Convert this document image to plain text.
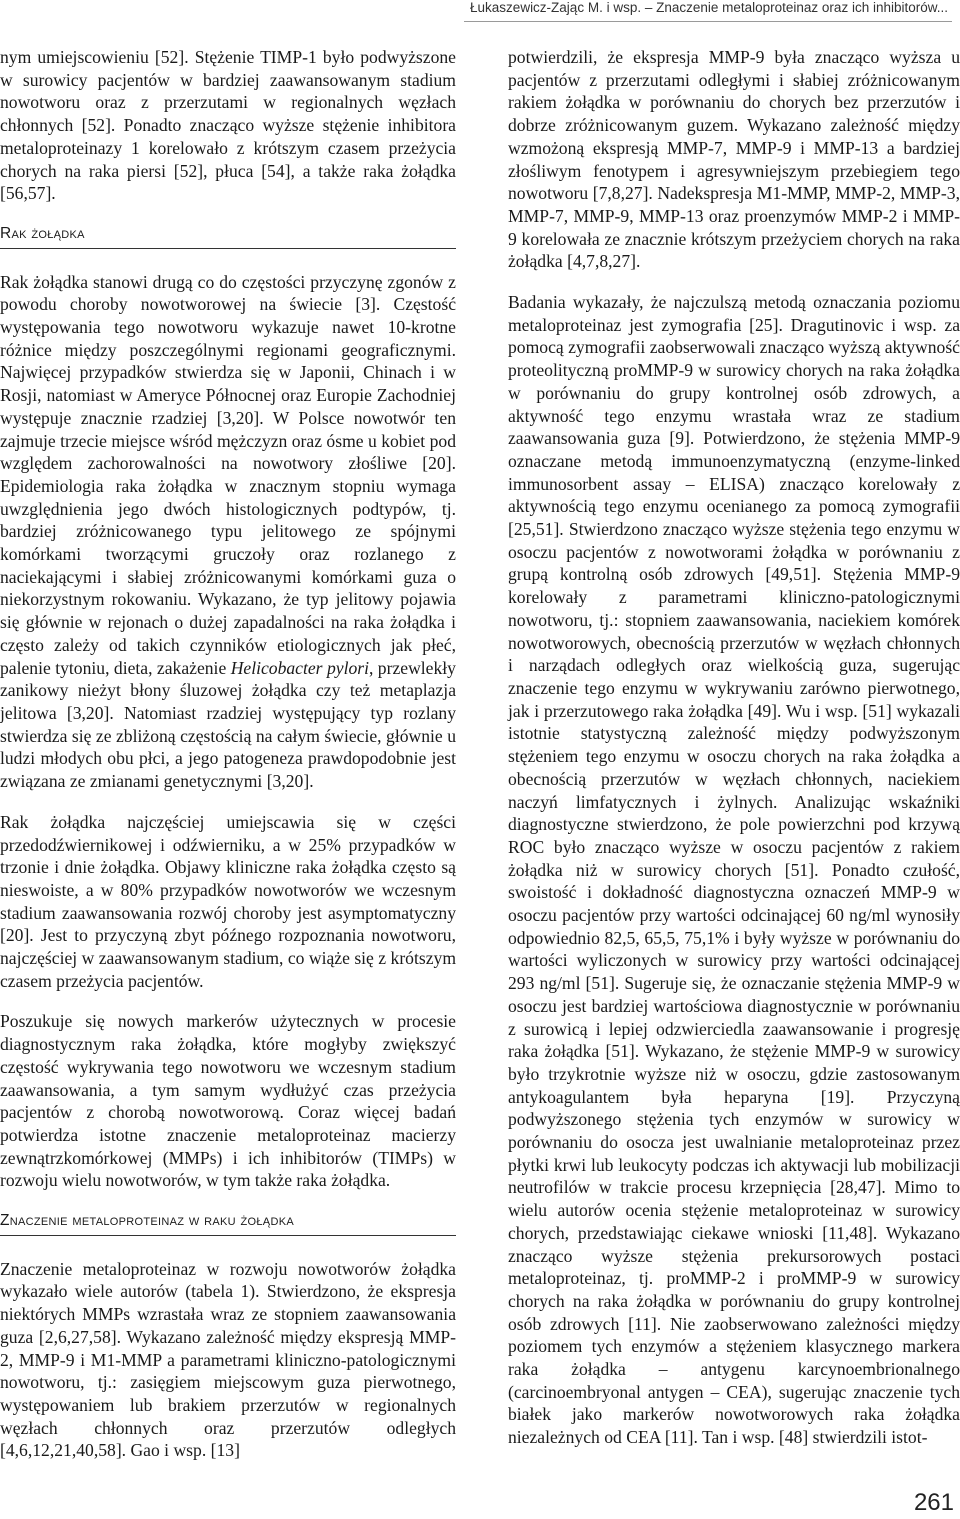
Łukaszewicz-Zając M. i wsp. – Znaczenie metaloproteinaz oraz ich inhibitorów...

nym umiejscowieniu [52]. Stężenie TIMP-1 było podwyższone w surowicy pacjentów w bardziej zaawansowanym stadium nowotworu oraz z przerzutami w regionalnych węzłach chłonnych [52]. Ponadto znacząco wyższe stężenie inhibitora metaloproteinazy 1 korelowało z krótszym czasem przeżycia chorych na raka piersi [52], płuca [54], a także raka żołądka [56,57].

Rak żołądka

Rak żołądka stanowi drugą co do częstości przyczynę zgonów z powodu choroby nowotworowej na świecie [3]. Częstość występowania tego nowotworu wykazuje nawet 10-krotne różnice między poszczególnymi regionami geograficznymi. Najwięcej przypadków stwierdza się w Japonii, Chinach i w Rosji, natomiast w Ameryce Północnej oraz Europie Zachodniej występuje znacznie rzadziej [3,20]. W Polsce nowotwór ten zajmuje trzecie miejsce wśród mężczyzn oraz ósme u kobiet pod względem zachorowalności na nowotwory złośliwe [20]. Epidemiologia raka żołądka w znacznym stopniu wymaga uwzględnienia jego dwóch histologicznych podtypów, tj. bardziej zróżnicowanego typu jelitowego ze spójnymi komórkami tworzącymi gruczoły oraz rozlanego z naciekającymi i słabiej zróżnicowanymi komórkami guza o niekorzystnym rokowaniu. Wykazano, że typ jelitowy pojawia się głównie w rejonach o dużej zapadalności na raka żołądka i często zależy od takich czynników etiologicznych jak płeć, palenie tytoniu, dieta, zakażenie Helicobacter pylori, przewlekły zanikowy nieżyt błony śluzowej żołądka czy też metaplazja jelitowa [3,20]. Natomiast rzadziej występujący typ rozlany stwierdza się ze zbliżoną częstością na całym świecie, głównie u ludzi młodych obu płci, a jego patogeneza prawdopodobnie jest związana ze zmianami genetycznymi [3,20].

Rak żołądka najczęściej umiejscawia się w części przedodźwiernikowej i odźwierniku, a w 25% przypadków w trzonie i dnie żołądka. Objawy kliniczne raka żołądka często są nieswoiste, a w 80% przypadków nowotworów we wczesnym stadium zaawansowania rozwój choroby jest asymptomatyczny [20]. Jest to przyczyną zbyt późnego rozpoznania nowotworu, najczęściej w zaawansowanym stadium, co wiąże się z krótszym czasem przeżycia pacjentów.

Poszukuje się nowych markerów użytecznych w procesie diagnostycznym raka żołądka, które mogłyby zwiększyć częstość wykrywania tego nowotworu we wczesnym stadium zaawansowania, a tym samym wydłużyć czas przeżycia pacjentów z chorobą nowotworową. Coraz więcej badań potwierdza istotne znaczenie metaloproteinaz macierzy zewnątrzkomórkowej (MMPs) i ich inhibitorów (TIMPs) w rozwoju wielu nowotworów, w tym także raka żołądka.

Znaczenie metaloproteinaz w raku żołądka

Znaczenie metaloproteinaz w rozwoju nowotworów żołądka wykazało wiele autorów (tabela 1). Stwierdzono, że ekspresja niektórych MMPs wzrastała wraz ze stopniem zaawansowania guza [2,6,27,58]. Wykazano zależność między ekspresją MMP-2, MMP-9 i M1-MMP a parametrami kliniczno-patologicznymi nowotworu, tj.: zasięgiem miejscowym guza pierwotnego, występowaniem lub brakiem przerzutów w regionalnych węzłach chłonnych oraz przerzutów odległych [4,6,12,21,40,58]. Gao i wsp. [13]

potwierdzili, że ekspresja MMP-9 była znacząco wyższa u pacjentów z przerzutami odległymi i słabiej zróżnicowanym rakiem żołądka w porównaniu do chorych bez przerzutów i dobrze zróżnicowanym guzem. Wykazano zależność między wzmożoną ekspresją MMP-7, MMP-9 i MMP-13 a bardziej złośliwym fenotypem i agresywniejszym przebiegiem tego nowotworu [7,8,27]. Nadekspresja M1-MMP, MMP-2, MMP-3, MMP-7, MMP-9, MMP-13 oraz proenzymów MMP-2 i MMP-9 korelowała ze znacznie krótszym przeżyciem chorych na raka żołądka [4,7,8,27].

Badania wykazały, że najczulszą metodą oznaczania poziomu metaloproteinaz jest zymografia [25]. Dragutinovic i wsp. za pomocą zymografii zaobserwowali znacząco wyższą aktywność proteolityczną proMMP-9 w surowicy chorych na raka żołądka w porównaniu do grupy kontrolnej osób zdrowych, a aktywność tego enzymu wrastała wraz ze stadium zaawansowania guza [9]. Potwierdzono, że stężenia MMP-9 oznaczane metodą immunoenzymatyczną (enzyme-linked immunosorbent assay – ELISA) znacząco korelowały z aktywnością tego enzymu ocenianego za pomocą zymografii [25,51]. Stwierdzono znacząco wyższe stężenia tego enzymu w osoczu pacjentów z nowotworami żołądka w porównaniu z grupą kontrolną osób zdrowych [49,51]. Stężenia MMP-9 korelowały z parametrami kliniczno-patologicznymi nowotworu, tj.: stopniem zaawansowania, naciekiem komórek nowotworowych, obecnością przerzutów w węzłach chłonnych i narządach odległych oraz wielkością guza, sugerując znaczenie tego enzymu w wykrywaniu zarówno pierwotnego, jak i przerzutowego raka żołądka [49]. Wu i wsp. [51] wykazali istotnie statystyczną zależność między podwyższonym stężeniem tego enzymu w osoczu chorych na raka żołądka a obecnością przerzutów w węzłach chłonnych, naciekiem naczyń limfatycznych i żylnych. Analizując wskaźniki diagnostyczne stwierdzono, że pole powierzchni pod krzywą ROC było znacząco wyższe w osoczu pacjentów z rakiem żołądka niż w surowicy chorych [51]. Ponadto czułość, swoistość i dokładność diagnostyczna oznaczeń MMP-9 w osoczu pacjentów przy wartości odcinającej 60 ng/ml wynosiły odpowiednio 82,5, 65,5, 75,1% i były wyższe w porównaniu do wartości wyliczonych w surowicy przy wartości odcinającej 293 ng/ml [51]. Sugeruje się, że oznaczanie stężenia MMP-9 w osoczu jest bardziej wartościowa diagnostycznie w porównaniu z surowicą i lepiej odzwierciedla zaawansowanie i progresję raka żołądka [51]. Wykazano, że stężenie MMP-9 w surowicy było trzykrotnie wyższe niż w osoczu, gdzie zastosowanym antykoagulantem była heparyna [19]. Przyczyną podwyższonego stężenia tych enzymów w surowicy w porównaniu do osocza jest uwalnianie metaloproteinaz przez płytki krwi lub leukocyty podczas ich aktywacji lub mobilizacji neutrofilów w trakcie procesu krzepnięcia [28,47]. Mimo to wielu autorów ocenia stężenie metaloproteinaz w surowicy chorych, przedstawiając ciekawe wnioski [11,48]. Wykazano znacząco wyższe stężenia prekursorowych postaci metaloproteinaz, tj. proMMP-2 i proMMP-9 w surowicy chorych na raka żołądka w porównaniu do grupy kontrolnej osób zdrowych [11]. Nie zaobserwowano zależności między poziomem tych enzymów a stężeniem klasycznego markera raka żołądka – antygenu karcynoembrionalnego (carcinoembryonal antygen – CEA), sugerując znaczenie tych białek jako markerów nowotworowych raka żołądka niezależnych od CEA [11]. Tan i wsp. [48] stwierdzili istot-

261
